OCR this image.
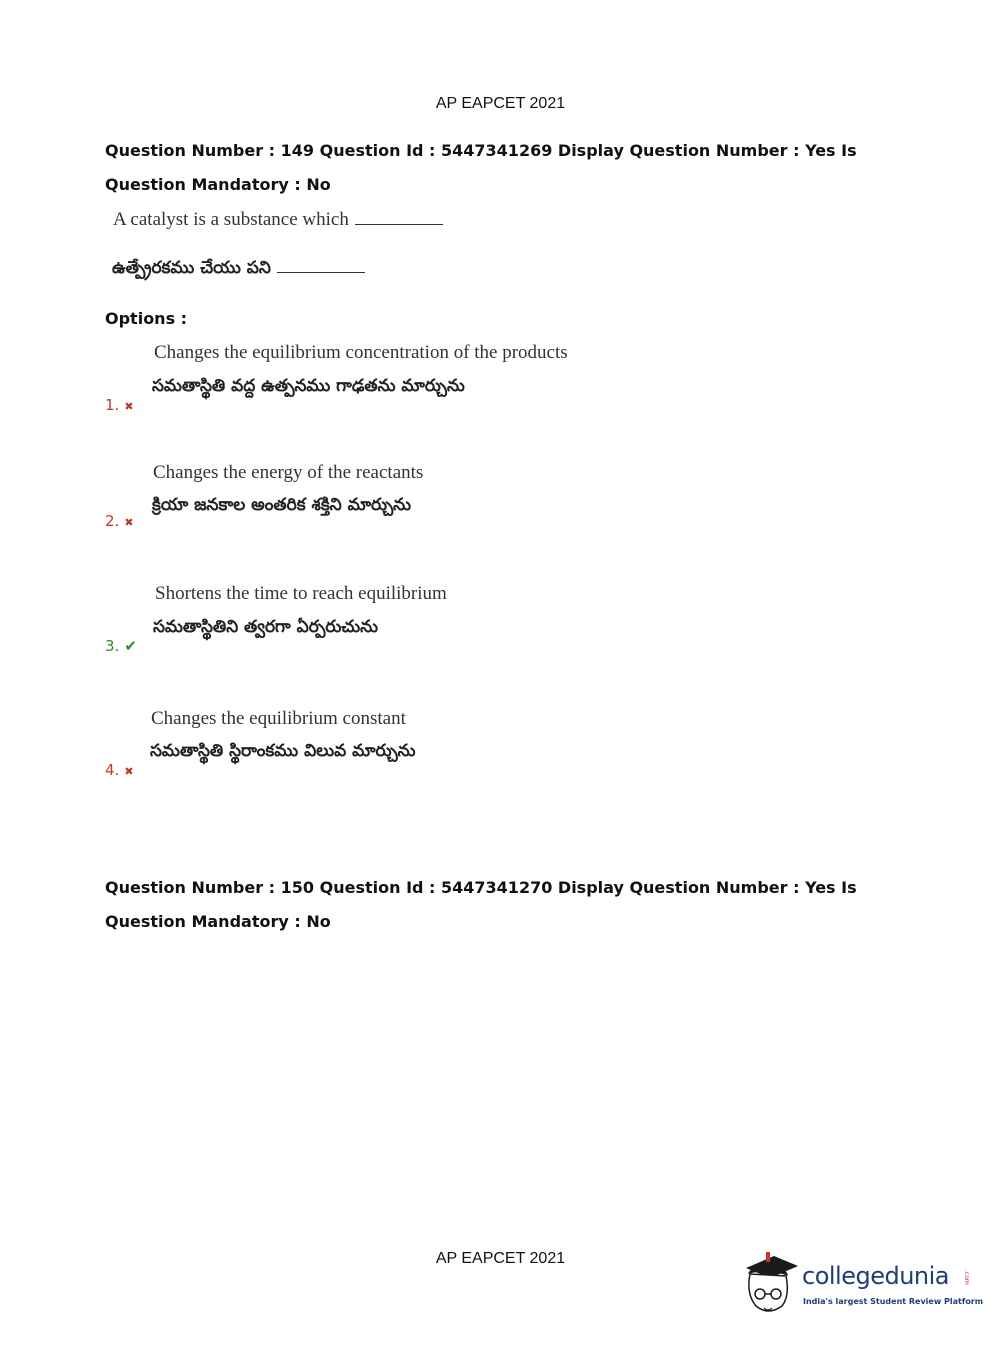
AP EAPCET 2021
Question Number : 149 Question Id : 5447341269 Display Question Number : Yes Is Question Mandatory : No
A catalyst is a substance which
ఉత్ప్రేరకము చేయు పని
Options :
Changes the equilibrium concentration of the products
సమతాస్థితి వద్ద ఉత్పనము గాఢతను మార్చును
1. ✖
Changes the energy of the reactants
క్రియా జనకాల అంతరిక శక్తిని మార్చును
2. ✖
Shortens the time to reach equilibrium
సమతాస్థితిని త్వరగా ఏర్పరుచును
3. ✔
Changes the equilibrium constant
సమతాస్థితి స్థిరాంకము విలువ మార్చును
4. ✖
Question Number : 150 Question Id : 5447341270 Display Question Number : Yes Is Question Mandatory : No
AP EAPCET 2021
collegedunia .com
India's largest Student Review Platform
